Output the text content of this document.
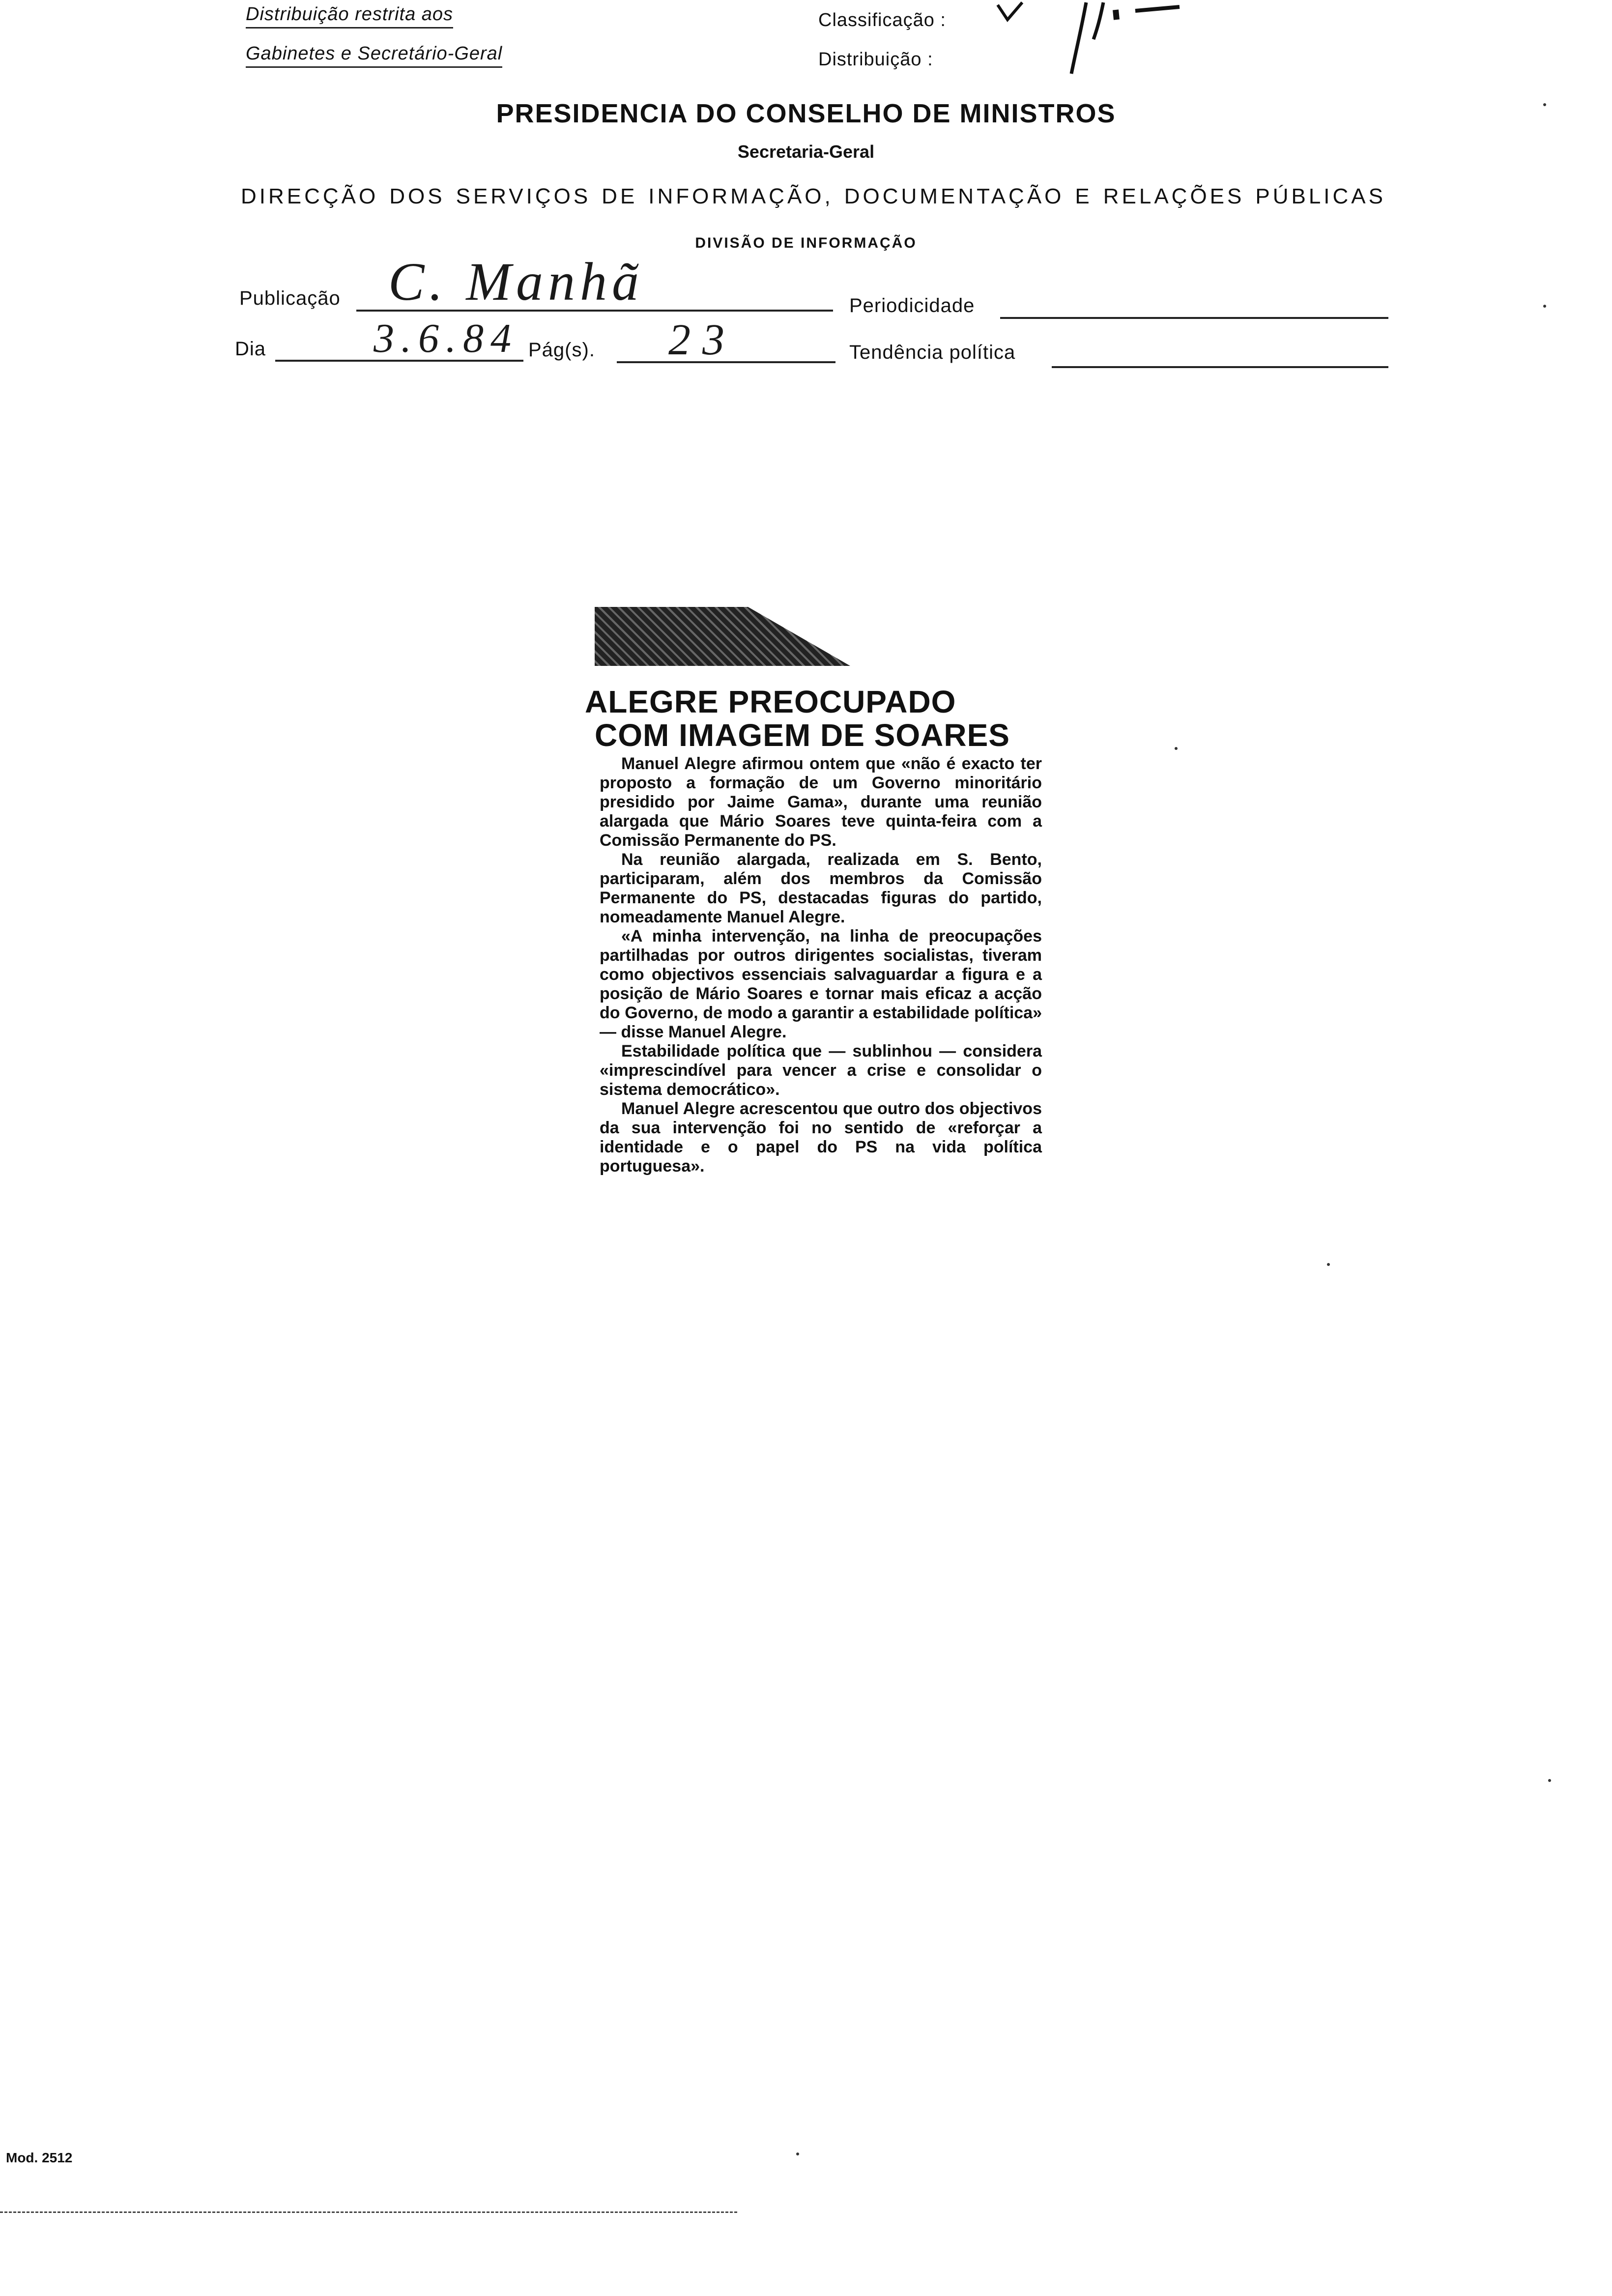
Distribuição restrita aos
Gabinetes e Secretário-Geral
Classificação :
Distribuição :
PRESIDENCIA DO CONSELHO DE MINISTROS
Secretaria-Geral
DIRECÇÃO DOS SERVIÇOS DE INFORMAÇÃO, DOCUMENTAÇÃO E RELAÇÕES PÚBLICAS
DIVISÃO DE INFORMAÇÃO
Publicação C. Manhã	Periodicidade
Dia	3.6.84 Pág(s). 23	Tendência política
ALEGRE PREOCUPADO
COM IMAGEM DE SOARES

Manuel Alegre afirmou ontem que «não é exacto ter proposto a formação de um Governo minoritário presidido por Jaime Gama», durante uma reunião alargada que Mário Soares teve quinta-feira com a Comissão Permanente do PS.

Na reunião alargada, realizada em S. Bento, participaram, além dos membros da Comissão Permanente do PS, destacadas figuras do partido, nomeadamente Manuel Alegre.

«A minha intervenção, na linha de preocupações partilhadas por outros dirigentes socialistas, tiveram como objectivos essenciais salvaguardar a figura e a posição de Mário Soares e tornar mais eficaz a acção do Governo, de modo a garantir a estabilidade política» — disse Manuel Alegre.

Estabilidade política que — sublinhou — considera «imprescindível para vencer a crise e consolidar o sistema democrático».

Manuel Alegre acrescentou que outro dos objectivos da sua intervenção foi no sentido de «reforçar a identidade e o papel do PS na vida política portuguesa».

Mod. 2512
